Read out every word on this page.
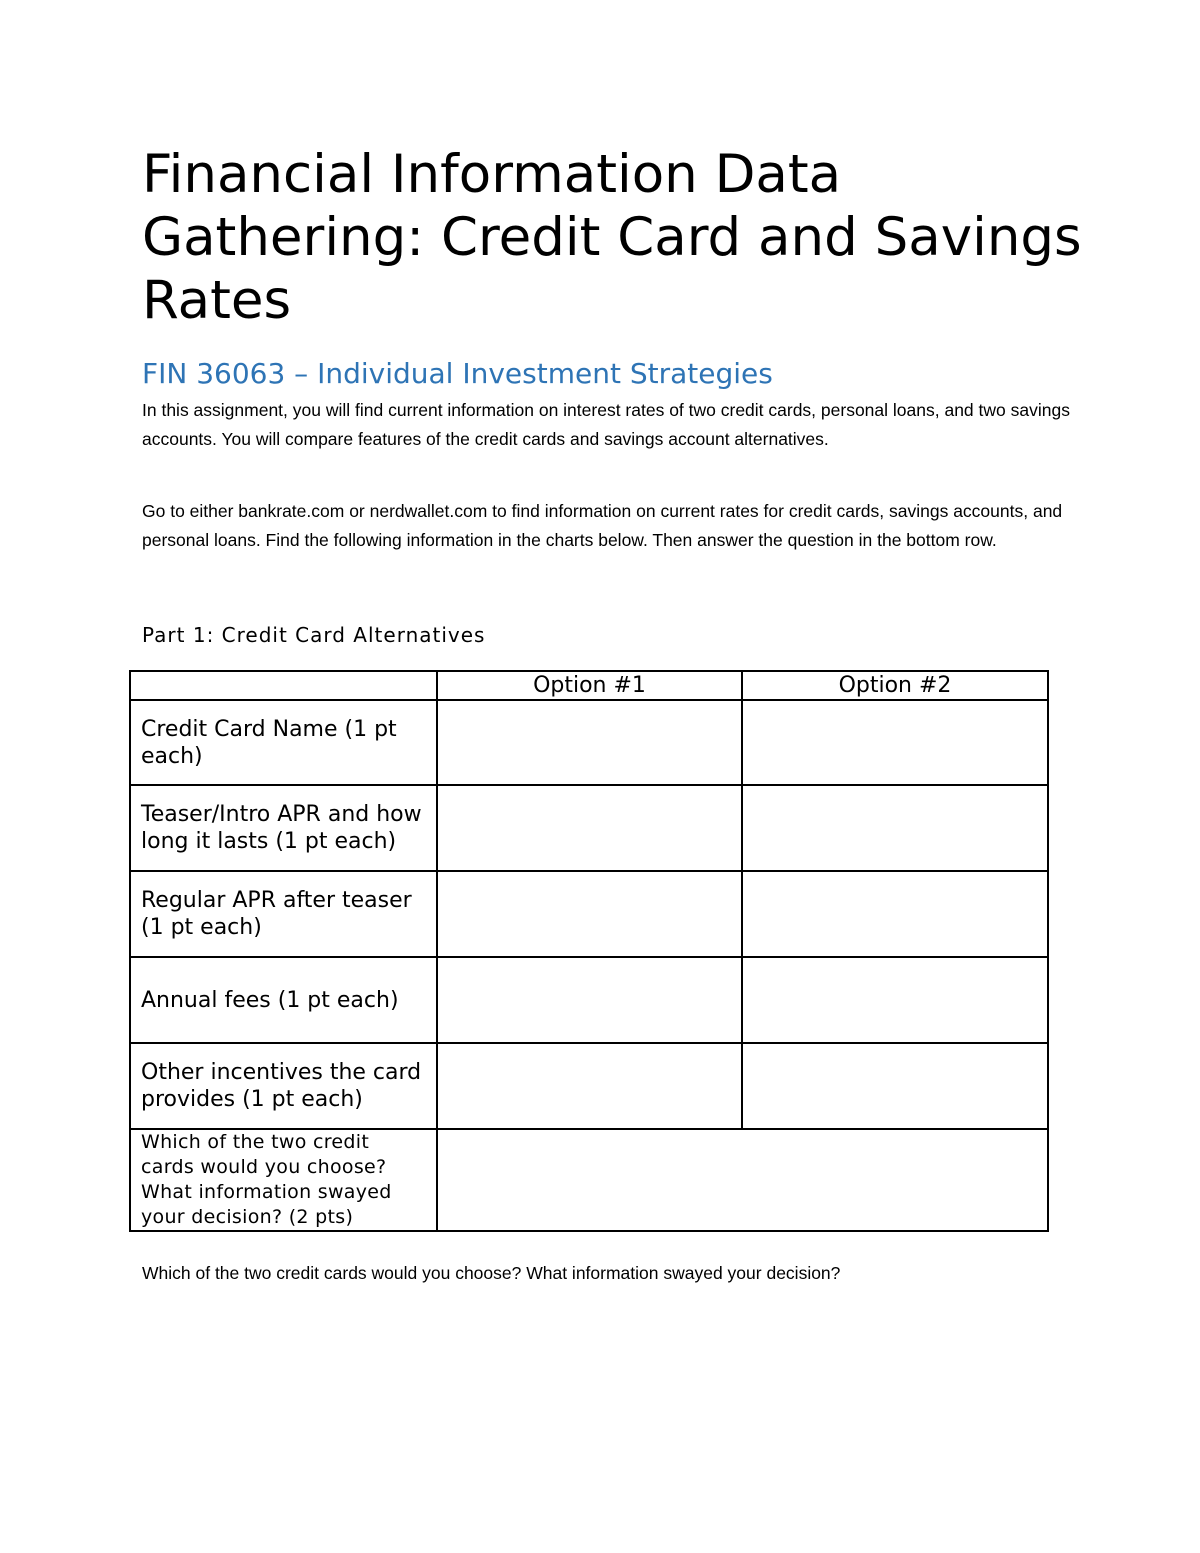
Financial Information Data Gathering: Credit Card and Savings Rates
FIN 36063 – Individual Investment Strategies

In this assignment, you will find current information on interest rates of two credit cards, personal loans, and two savings accounts. You will compare features of the credit cards and savings account alternatives.

Go to either bankrate.com or nerdwallet.com to find information on current rates for credit cards, savings accounts, and personal loans. Find the following information in the charts below. Then answer the question in the bottom row.

Part 1: Credit Card Alternatives
	Option #1	Option #2
Credit Card Name (1 pt each)		
Teaser/Intro APR and how long it lasts (1 pt each)		
Regular APR after teaser (1 pt each)		
Annual fees (1 pt each)		
Other incentives the card provides (1 pt each)		
Which of the two credit cards would you choose? What information swayed your decision? (2 pts)		

Which of the two credit cards would you choose? What information swayed your decision?
